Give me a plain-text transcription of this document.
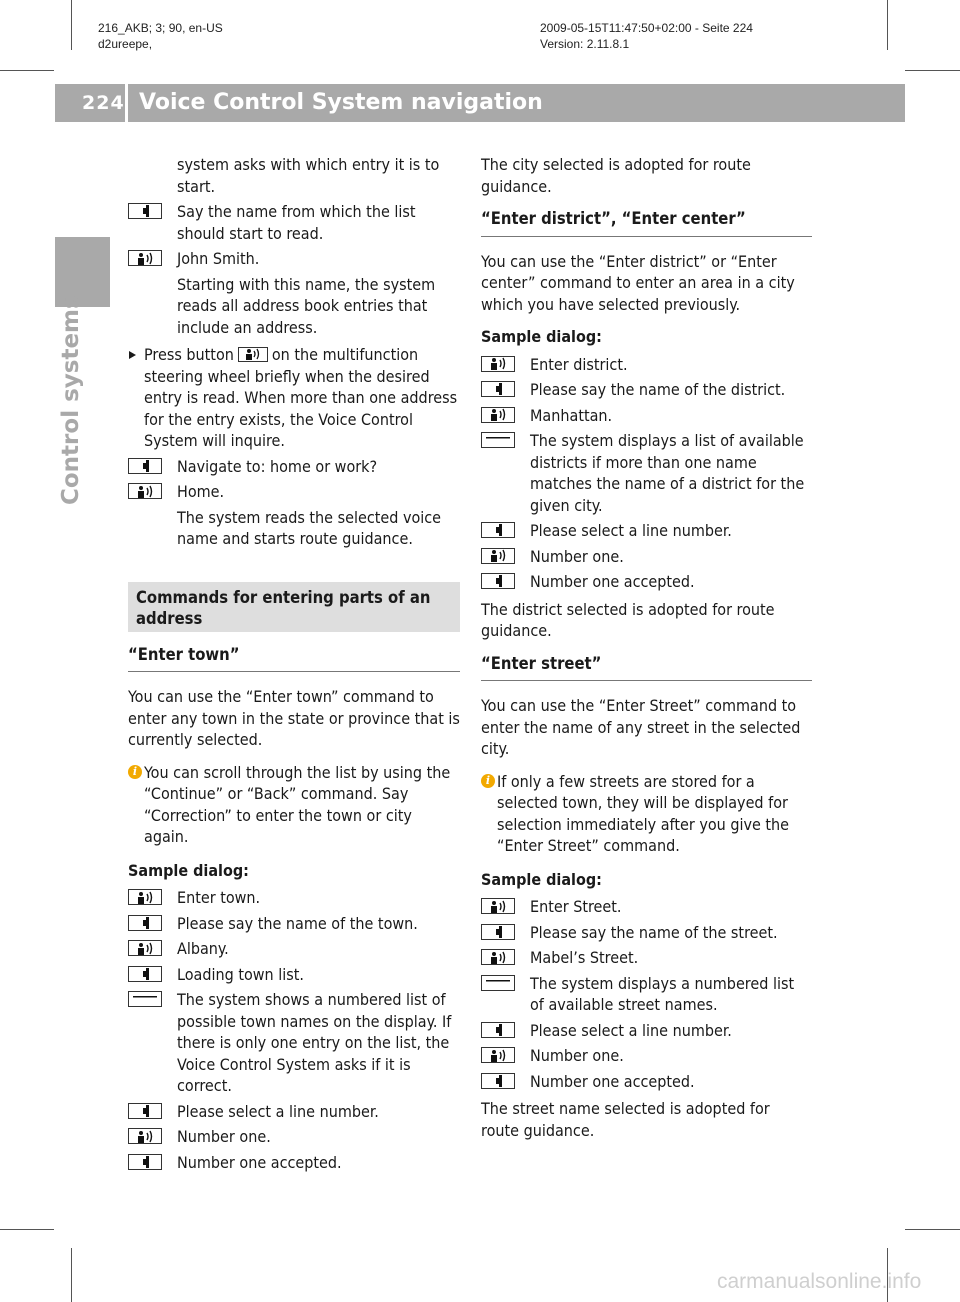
216_AKB; 3; 90, en-US
d2ureepe,
2009-05-15T11:47:50+02:00 - Seite 224
Version: 2.11.8.1
224 Voice Control System navigation
Control systems

system asks with which entry it is to start.

Say the name from which the list should start to read.

John Smith.

Starting with this name, the system reads all address book entries that include an address.

Press button on the multifunction steering wheel briefly when the desired entry is read. When more than one address for the entry exists, the Voice Control System will inquire.

Navigate to: home or work?

Home.

The system reads the selected voice name and starts route guidance.

Commands for entering parts of an address
“Enter town”

You can use the “Enter town” command to enter any town in the state or province that is currently selected.

i You can scroll through the list by using the “Continue” or “Back” command. Say “Correction” to enter the town or city again.

Sample dialog:

Enter town.

Please say the name of the town.

Albany.

Loading town list.

The system shows a numbered list of possible town names on the display. If there is only one entry on the list, the Voice Control System asks if it is correct.

Please select a line number.

Number one.

Number one accepted.

The city selected is adopted for route guidance.

“Enter district”, “Enter center”

You can use the “Enter district” or “Enter center” command to enter an area in a city which you have selected previously.

Sample dialog:

Enter district.

Please say the name of the district.

Manhattan.

The system displays a list of available districts if more than one name matches the name of a district for the given city.

Please select a line number.

Number one.

Number one accepted.

The district selected is adopted for route guidance.

“Enter street”

You can use the “Enter Street” command to enter the name of any street in the selected city.

i If only a few streets are stored for a selected town, they will be displayed for selection immediately after you give the “Enter Street” command.

Sample dialog:

Enter Street.

Please say the name of the street.

Mabel’s Street.

The system displays a numbered list of available street names.

Please select a line number.

Number one.

Number one accepted.

The street name selected is adopted for route guidance.

carmanualsonline.info
